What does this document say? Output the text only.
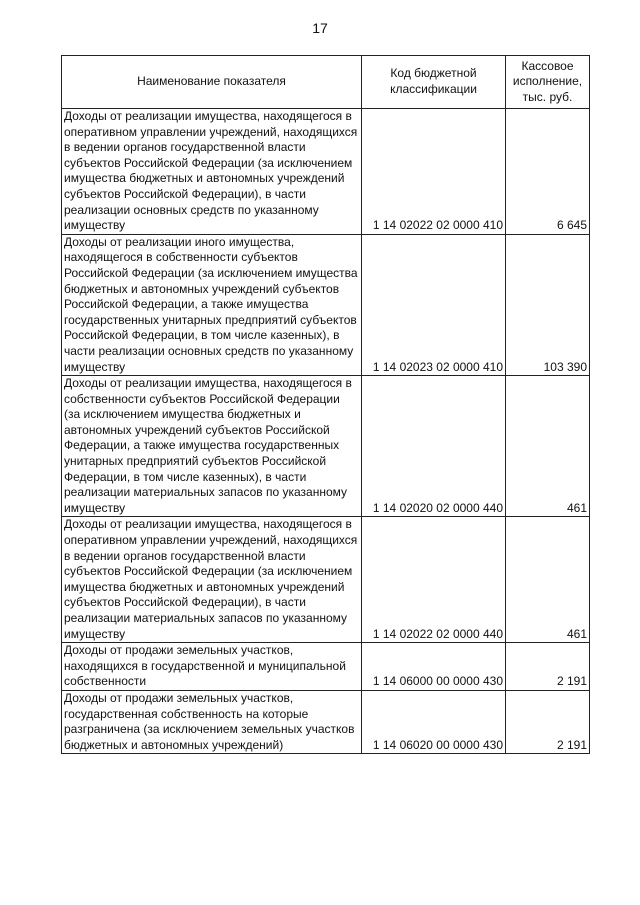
17
Наименование показателя	Код бюджетной классификации	Кассовое исполнение, тыс. руб.
Доходы от реализации имущества, находящегося в оперативном управлении учреждений, находящихся в ведении органов государственной власти субъектов Российской Федерации (за исключением имущества бюджетных и автономных учреждений субъектов Российской Федерации), в части реализации основных средств по указанному имуществу	1 14 02022 02 0000 410	6 645
Доходы от реализации иного имущества, находящегося в собственности субъектов Российской Федерации (за исключением имущества бюджетных и автономных учреждений субъектов Российской Федерации, а также имущества государственных унитарных предприятий субъектов Российской Федерации, в том числе казенных), в части реализации основных средств по указанному имуществу	1 14 02023 02 0000 410	103 390
Доходы от реализации имущества, находящегося в собственности субъектов Российской Федерации (за исключением имущества бюджетных и автономных учреждений субъектов Российской Федерации, а также имущества государственных унитарных предприятий субъектов Российской Федерации, в том числе казенных), в части реализации материальных запасов по указанному имуществу	1 14 02020 02 0000 440	461
Доходы от реализации имущества, находящегося в оперативном управлении учреждений, находящихся в ведении органов государственной власти субъектов Российской Федерации (за исключением имущества бюджетных и автономных учреждений субъектов Российской Федерации), в части реализации материальных запасов по указанному имуществу	1 14 02022 02 0000 440	461
Доходы от продажи земельных участков, находящихся в государственной и муниципальной собственности	1 14 06000 00 0000 430	2 191
Доходы от продажи земельных участков, государственная собственность на которые разграничена (за исключением земельных участков бюджетных и автономных учреждений)	1 14 06020 00 0000 430	2 191
